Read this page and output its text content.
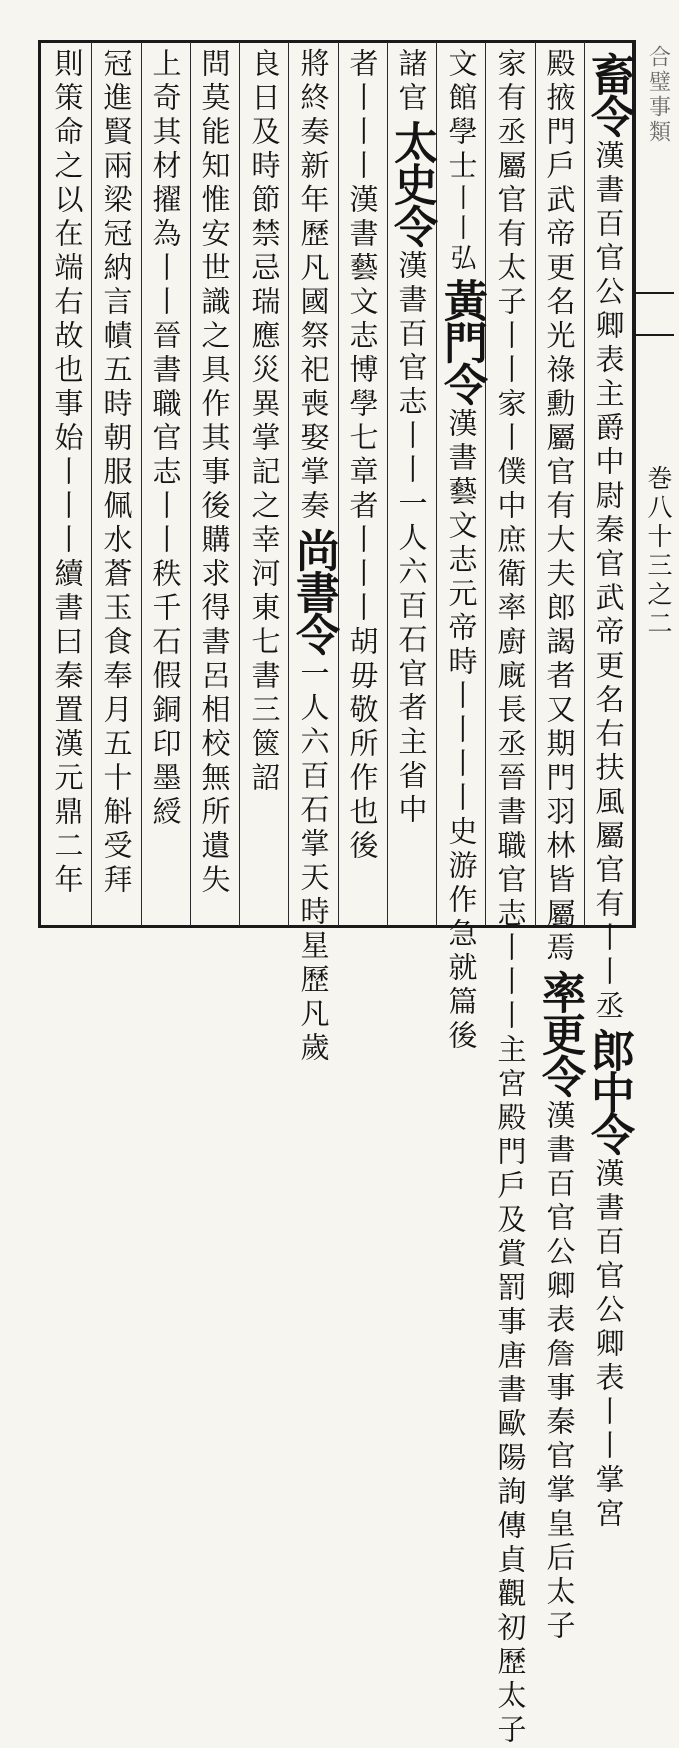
合璧事類
巻八十三之二
畜令
漢書百官公卿表主爵中尉秦官武帝更名右扶風屬官有丨丨丞
郎中令
漢書百官公卿表丨丨掌宮
殿掖門戶武帝更名光祿勳屬官有大夫郎謁者又期門羽林皆屬焉
率更令
漢書百官公卿表詹事秦官掌皇后太子
家有丞屬官有太子丨丨家丨僕中庶衛率廚廐長丞晉書職官志丨丨丨主宮殿門戶及賞罰事唐書歐陽詢傳貞觀初歷太子
文館學士
丨丨弘
黃門令
漢書藝文志元帝時丨丨丨丨史游作急就篇後
諸官
太史令
漢書百官志丨丨一人六百石官者主省中
者丨丨丨
漢書藝文志博學七章者丨丨丨胡毋敬所作也後
將終奏新年歷凡國祭祀喪娶掌奏
尚書令
一人六百石掌天時星歷凡歲
良日及時節禁忌瑞應災異掌記之
幸河東七書三篋詔
問莫能知惟安世識之具作其事後購求得書呂相校無所遺失
上奇其材擢為丨丨晉書職官志丨丨秩千石假銅印墨綬
冠進賢兩梁冠納言幘五時朝服佩水蒼玉食奉月五十斛受拜
則策命之以在端右故也事始丨丨丨續書曰秦置漢元鼎二年
